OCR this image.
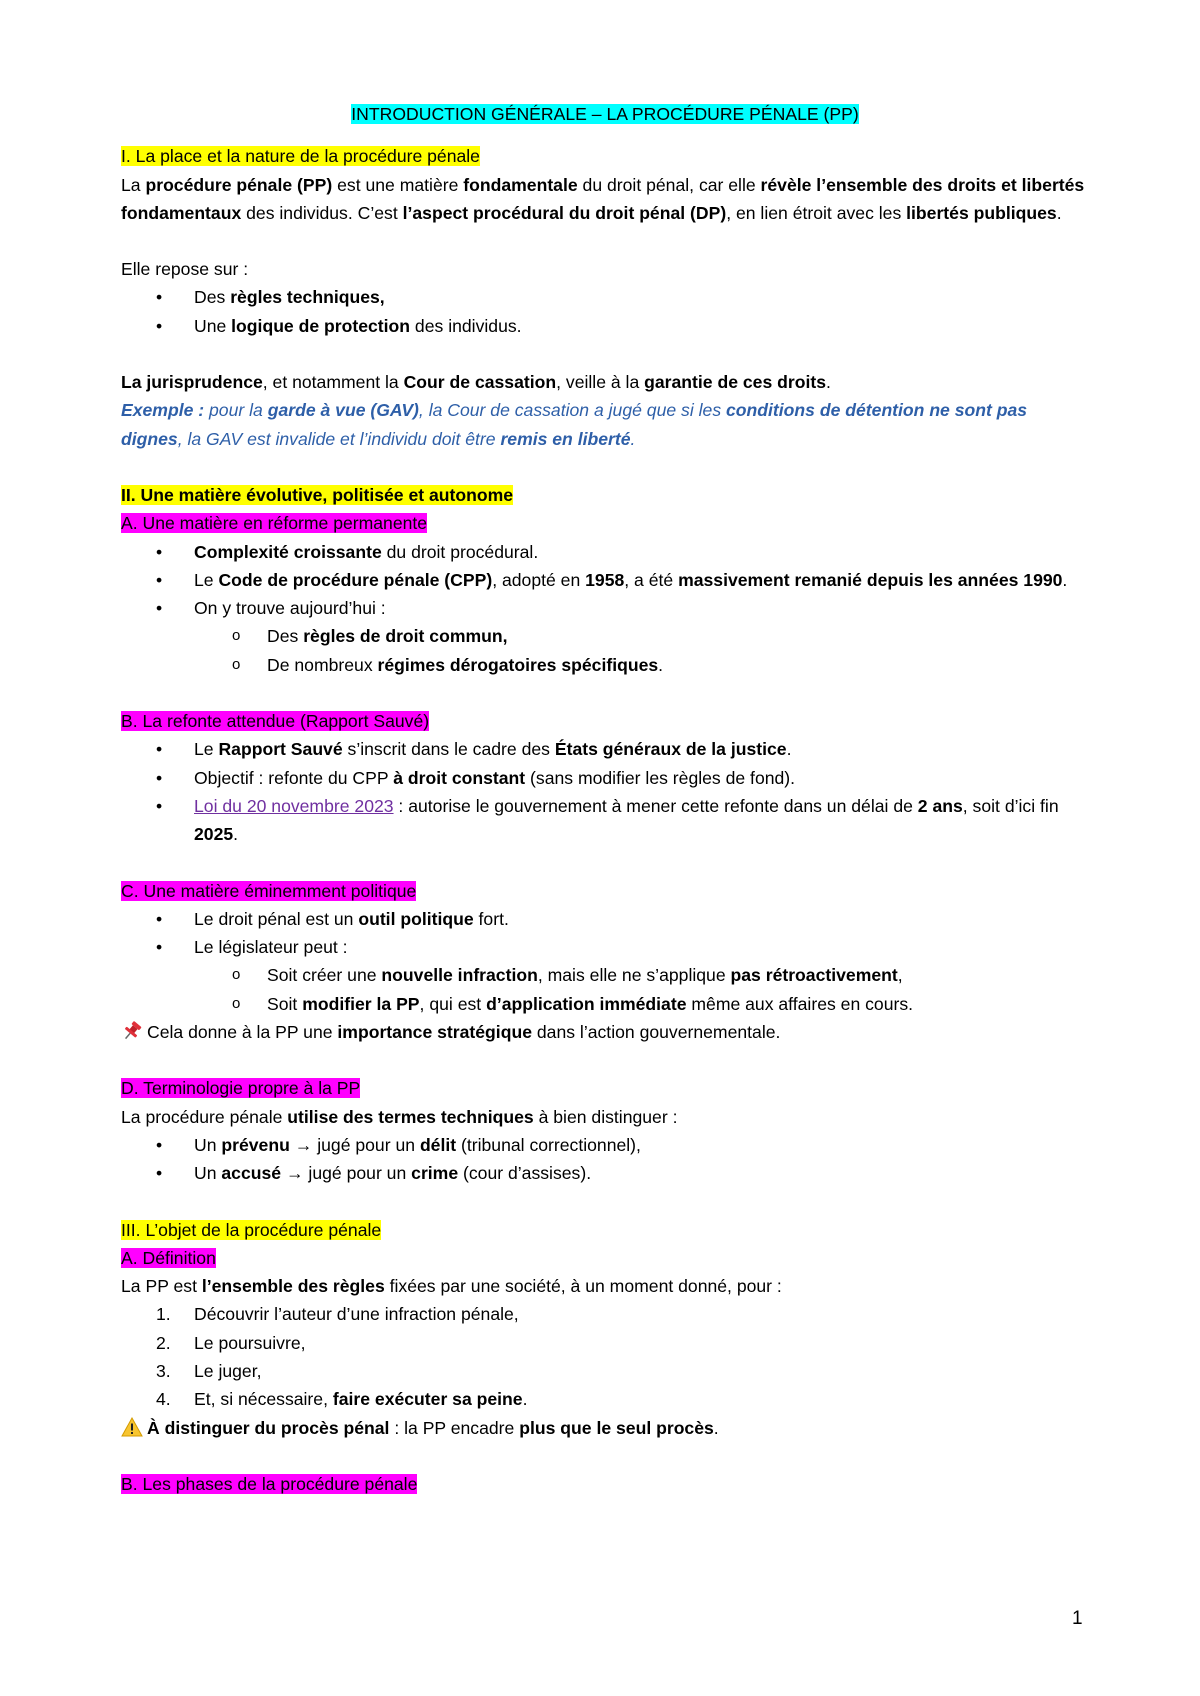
INTRODUCTION GÉNÉRALE – LA PROCÉDURE PÉNALE (PP)
I. La place et la nature de la procédure pénale
La procédure pénale (PP) est une matière fondamentale du droit pénal, car elle révèle l’ensemble des droits et libertés fondamentaux des individus. C’est l’aspect procédural du droit pénal (DP), en lien étroit avec les libertés publiques.
Elle repose sur :
• Des règles techniques,
• Une logique de protection des individus.
La jurisprudence, et notamment la Cour de cassation, veille à la garantie de ces droits.
Exemple : pour la garde à vue (GAV), la Cour de cassation a jugé que si les conditions de détention ne sont pas dignes, la GAV est invalide et l’individu doit être remis en liberté.
II. Une matière évolutive, politisée et autonome
A. Une matière en réforme permanente
• Complexité croissante du droit procédural.
• Le Code de procédure pénale (CPP), adopté en 1958, a été massivement remanié depuis les années 1990.
• On y trouve aujourd’hui :
o Des règles de droit commun,
o De nombreux régimes dérogatoires spécifiques.
B. La refonte attendue (Rapport Sauvé)
• Le Rapport Sauvé s’inscrit dans le cadre des États généraux de la justice.
• Objectif : refonte du CPP à droit constant (sans modifier les règles de fond).
• Loi du 20 novembre 2023 : autorise le gouvernement à mener cette refonte dans un délai de 2 ans, soit d’ici fin 2025.
C. Une matière éminemment politique
• Le droit pénal est un outil politique fort.
• Le législateur peut :
o Soit créer une nouvelle infraction, mais elle ne s’applique pas rétroactivement,
o Soit modifier la PP, qui est d’application immédiate même aux affaires en cours.
Cela donne à la PP une importance stratégique dans l’action gouvernementale.
D. Terminologie propre à la PP
La procédure pénale utilise des termes techniques à bien distinguer :
• Un prévenu → jugé pour un délit (tribunal correctionnel),
• Un accusé → jugé pour un crime (cour d’assises).
III. L’objet de la procédure pénale
A. Définition
La PP est l’ensemble des règles fixées par une société, à un moment donné, pour :
1. Découvrir l’auteur d’une infraction pénale,
2. Le poursuivre,
3. Le juger,
4. Et, si nécessaire, faire exécuter sa peine.
À distinguer du procès pénal : la PP encadre plus que le seul procès.
B. Les phases de la procédure pénale
1
